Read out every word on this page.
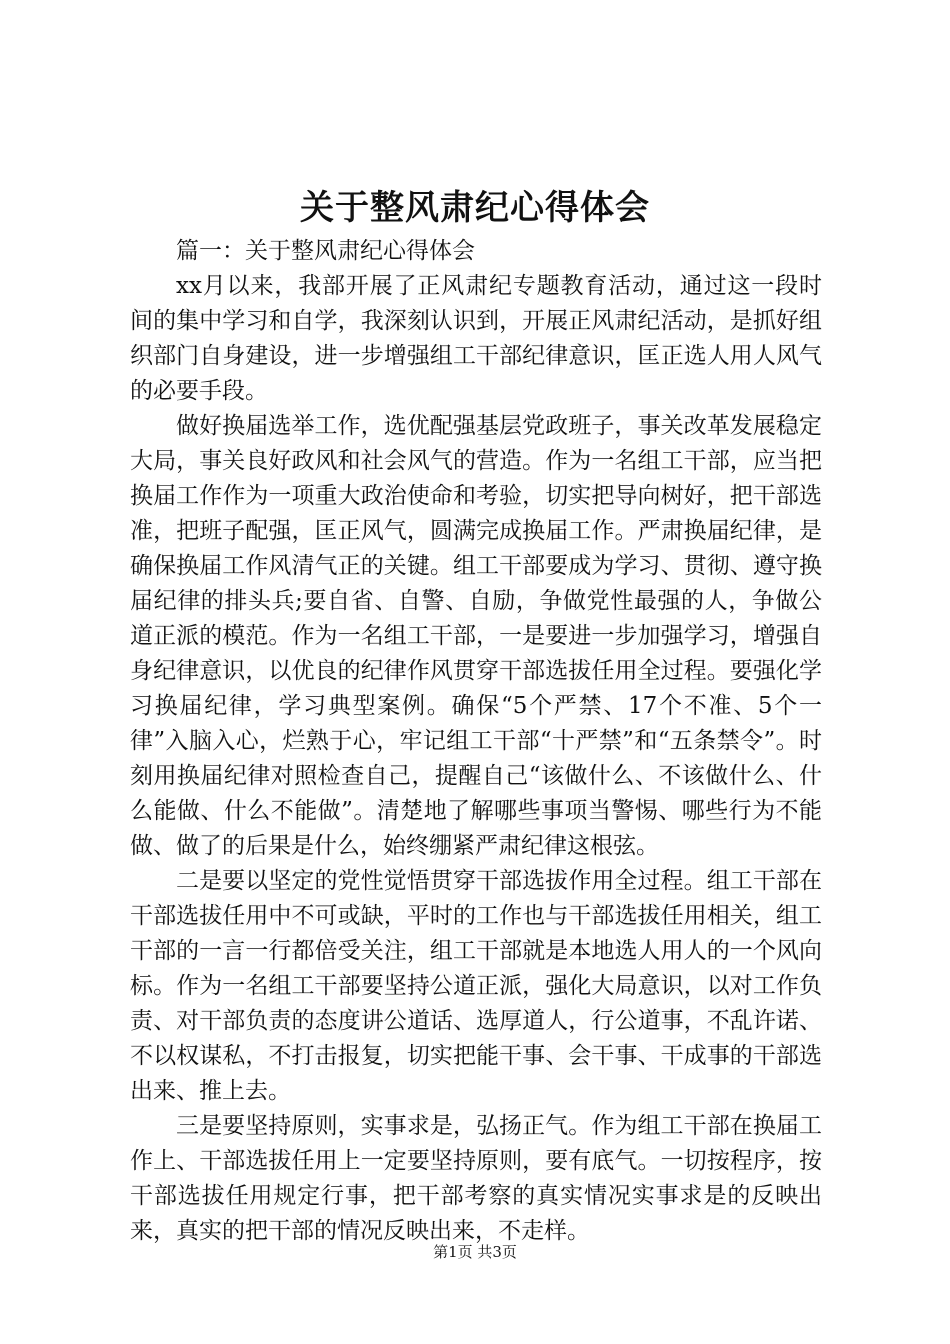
关于整风肃纪心得体会

篇一：关于整风肃纪心得体会

xx月以来，我部开展了正风肃纪专题教育活动，通过这一段时间的集中学习和自学，我深刻认识到，开展正风肃纪活动，是抓好组织部门自身建设，进一步增强组工干部纪律意识，匡正选人用人风气的必要手段。

做好换届选举工作，选优配强基层党政班子，事关改革发展稳定大局，事关良好政风和社会风气的营造。作为一名组工干部，应当把换届工作作为一项重大政治使命和考验，切实把导向树好，把干部选准，把班子配强，匡正风气，圆满完成换届工作。严肃换届纪律，是确保换届工作风清气正的关键。组工干部要成为学习、贯彻、遵守换届纪律的排头兵;要自省、自警、自励，争做党性最强的人，争做公道正派的模范。作为一名组工干部，一是要进一步加强学习，增强自身纪律意识，以优良的纪律作风贯穿干部选拔任用全过程。要强化学习换届纪律，学习典型案例。确保“5个严禁、17个不准、5个一律”入脑入心，烂熟于心，牢记组工干部“十严禁”和“五条禁令”。时刻用换届纪律对照检查自己，提醒自己“该做什么、不该做什么、什么能做、什么不能做”。清楚地了解哪些事项当警惕、哪些行为不能做、做了的后果是什么，始终绷紧严肃纪律这根弦。

二是要以坚定的党性觉悟贯穿干部选拔作用全过程。组工干部在干部选拔任用中不可或缺，平时的工作也与干部选拔任用相关，组工干部的一言一行都倍受关注，组工干部就是本地选人用人的一个风向标。作为一名组工干部要坚持公道正派，强化大局意识，以对工作负责、对干部负责的态度讲公道话、选厚道人，行公道事，不乱许诺、不以权谋私，不打击报复，切实把能干事、会干事、干成事的干部选出来、推上去。

三是要坚持原则，实事求是，弘扬正气。作为组工干部在换届工作上、干部选拔任用上一定要坚持原则，要有底气。一切按程序，按干部选拔任用规定行事，把干部考察的真实情况实事求是的反映出来，真实的把干部的情况反映出来，不走样。

第1页 共3页
